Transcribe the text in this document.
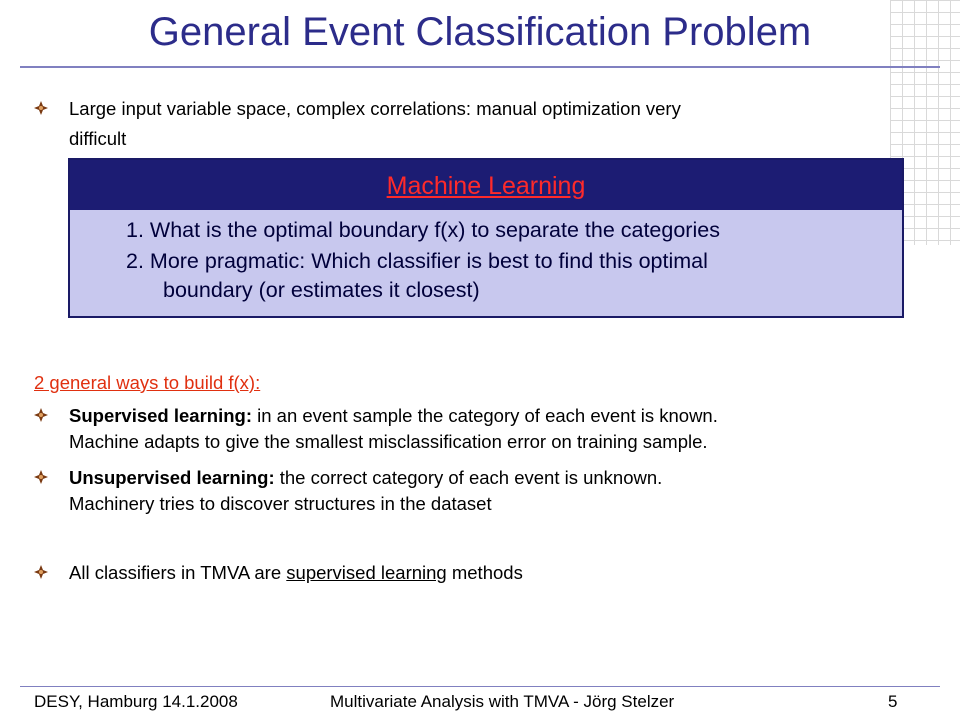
General Event Classification Problem
Large input variable space, complex correlations: manual optimization very
difficult
Machine Learning
1. What is the optimal boundary f(x) to separate the categories
2. More pragmatic: Which classifier is best to find this optimal
boundary (or estimates it closest)
2 general ways to build f(x):
Supervised learning: in an event sample the category of each event is known.
Machine adapts to give the smallest misclassification error on training sample.
Unsupervised learning: the correct category of each event is unknown.
Machinery tries to discover structures in the dataset
All classifiers in TMVA are supervised learning methods
DESY, Hamburg 14.1.2008	Multivariate Analysis with TMVA - Jörg Stelzer	5
